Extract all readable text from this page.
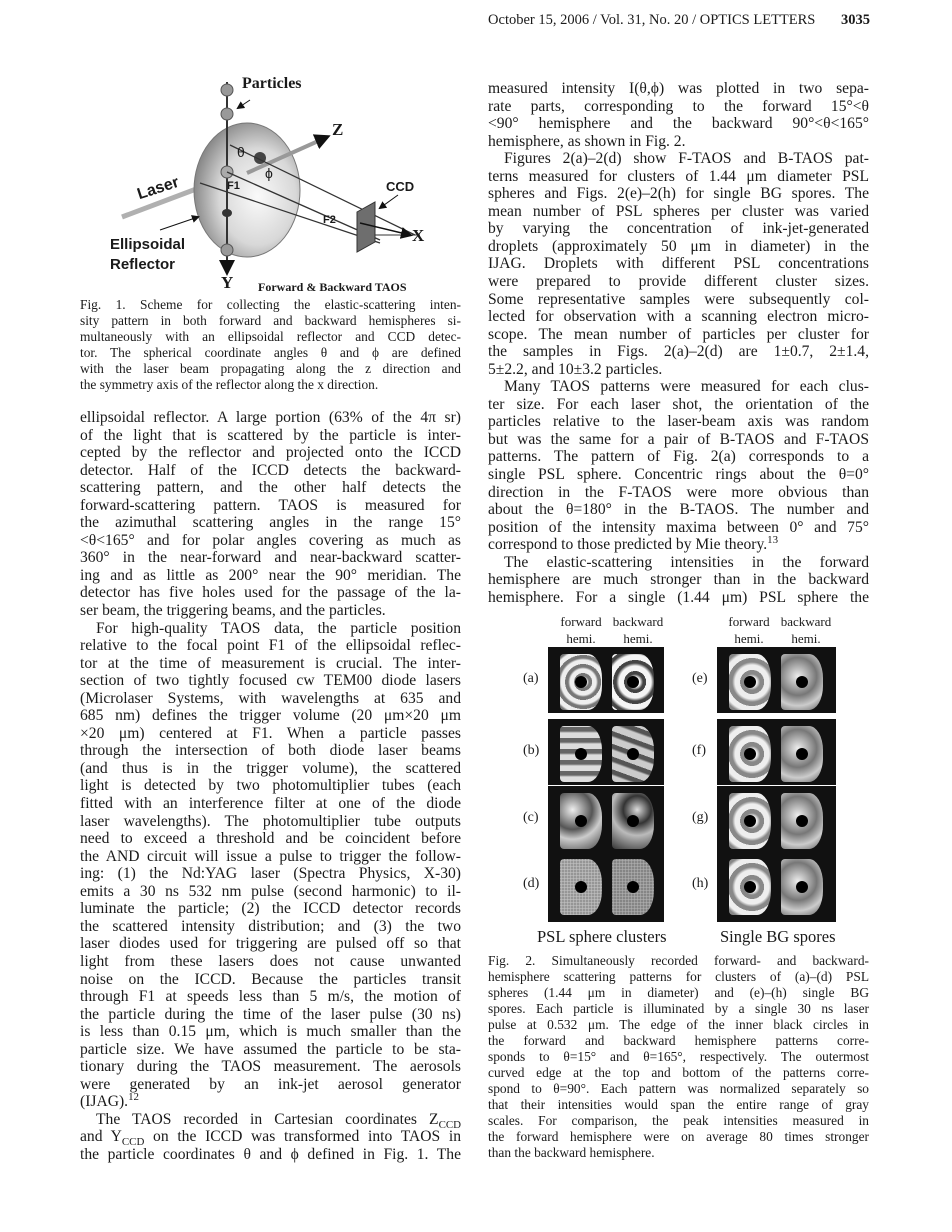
October 15, 2006 / Vol. 31, No. 20 / OPTICS LETTERS 3035
Particles
Z
Laser
θ
ϕ
F1
F2
CCD
X
Y
Ellipsoidal
Reflector
Forward & Backward TAOS
Fig. 1. Scheme for collecting the elastic-scattering inten-
sity pattern in both forward and backward hemispheres si-
multaneously with an ellipsoidal reflector and CCD detec-
tor. The spherical coordinate angles θ and ϕ are defined
with the laser beam propagating along the z direction and
the symmetry axis of the reflector along the x direction.
ellipsoidal reflector. A large portion (63% of the 4π sr)
of the light that is scattered by the particle is inter-
cepted by the reflector and projected onto the ICCD
detector. Half of the ICCD detects the backward-
scattering pattern, and the other half detects the
forward-scattering pattern. TAOS is measured for
the azimuthal scattering angles in the range 15°
<θ<165° and for polar angles covering as much as
360° in the near-forward and near-backward scatter-
ing and as little as 200° near the 90° meridian. The
detector has five holes used for the passage of the la-
ser beam, the triggering beams, and the particles.
For high-quality TAOS data, the particle position
relative to the focal point F1 of the ellipsoidal reflec-
tor at the time of measurement is crucial. The inter-
section of two tightly focused cw TEM00 diode lasers
(Microlaser Systems, with wavelengths at 635 and
685 nm) defines the trigger volume (20 μm×20 μm
×20 μm) centered at F1. When a particle passes
through the intersection of both diode laser beams
(and thus is in the trigger volume), the scattered
light is detected by two photomultiplier tubes (each
fitted with an interference filter at one of the diode
laser wavelengths). The photomultiplier tube outputs
need to exceed a threshold and be coincident before
the AND circuit will issue a pulse to trigger the follow-
ing: (1) the Nd:YAG laser (Spectra Physics, X-30)
emits a 30 ns 532 nm pulse (second harmonic) to il-
luminate the particle; (2) the ICCD detector records
the scattered intensity distribution; and (3) the two
laser diodes used for triggering are pulsed off so that
light from these lasers does not cause unwanted
noise on the ICCD. Because the particles transit
through F1 at speeds less than 5 m/s, the motion of
the particle during the time of the laser pulse (30 ns)
is less than 0.15 μm, which is much smaller than the
particle size. We have assumed the particle to be sta-
tionary during the TAOS measurement. The aerosols
were generated by an ink-jet aerosol generator
(IJAG).$^{12}$
The TAOS recorded in Cartesian coordinates $Z_{CCD}$
and $Y_{CCD}$ on the ICCD was transformed into TAOS in
the particle coordinates θ and ϕ defined in Fig. 1. The
measured intensity I(θ,ϕ) was plotted in two sepa-
rate parts, corresponding to the forward 15°<θ
<90° hemisphere and the backward 90°<θ<165°
hemisphere, as shown in Fig. 2.
Figures 2(a)–2(d) show F-TAOS and B-TAOS pat-
terns measured for clusters of 1.44 μm diameter PSL
spheres and Figs. 2(e)–2(h) for single BG spores. The
mean number of PSL spheres per cluster was varied
by varying the concentration of ink-jet-generated
droplets (approximately 50 μm in diameter) in the
IJAG. Droplets with different PSL concentrations
were prepared to provide different cluster sizes.
Some representative samples were subsequently col-
lected for observation with a scanning electron micro-
scope. The mean number of particles per cluster for
the samples in Figs. 2(a)–2(d) are 1±0.7, 2±1.4,
5±2.2, and 10±3.2 particles.
Many TAOS patterns were measured for each clus-
ter size. For each laser shot, the orientation of the
particles relative to the laser-beam axis was random
but was the same for a pair of B-TAOS and F-TAOS
patterns. The pattern of Fig. 2(a) corresponds to a
single PSL sphere. Concentric rings about the θ=0°
direction in the F-TAOS were more obvious than
about the θ=180° in the B-TAOS. The number and
position of the intensity maxima between 0° and 75°
correspond to those predicted by Mie theory.$^{13}$
The elastic-scattering intensities in the forward
hemisphere are much stronger than in the backward
hemisphere. For a single (1.44 μm) PSL sphere the
forward
hemi.
backward
hemi.
forward
hemi.
backward
hemi.
(a)
(b)
(c)
(d)
(e)
(f)
(g)
(h)
PSL sphere clusters	Single BG spores
Fig. 2. Simultaneously recorded forward- and backward-
hemisphere scattering patterns for clusters of (a)–(d) PSL
spheres (1.44 μm in diameter) and (e)–(h) single BG
spores. Each particle is illuminated by a single 30 ns laser
pulse at 0.532 μm. The edge of the inner black circles in
the forward and backward hemisphere patterns corre-
sponds to θ=15° and θ=165°, respectively. The outermost
curved edge at the top and bottom of the patterns corre-
spond to θ=90°. Each pattern was normalized separately so
that their intensities would span the entire range of gray
scales. For comparison, the peak intensities measured in
the forward hemisphere were on average 80 times stronger
than the backward hemisphere.
